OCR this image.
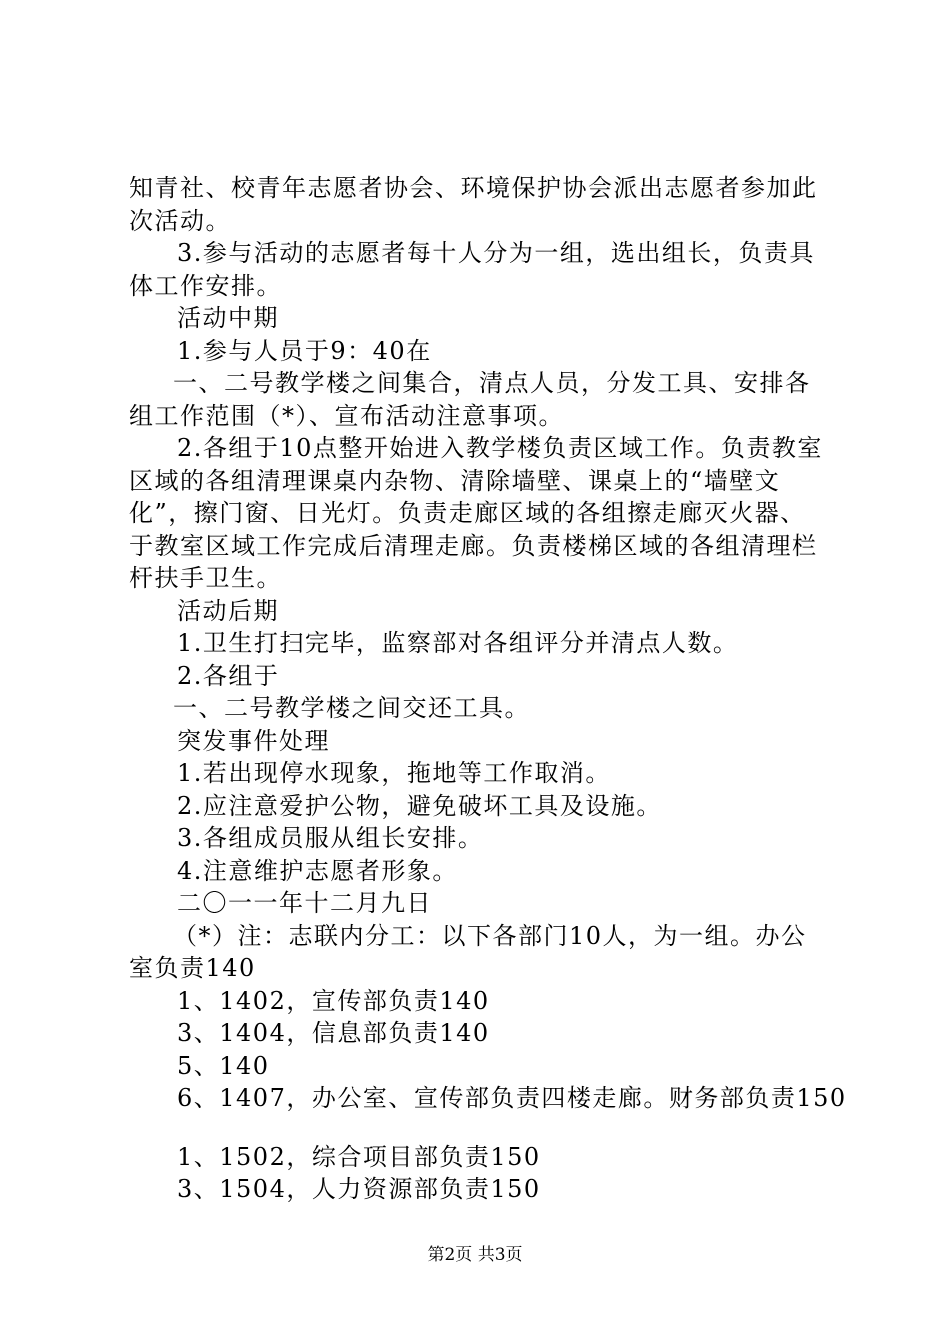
知青社、校青年志愿者协会、环境保护协会派出志愿者参加此
次活动。
3.参与活动的志愿者每十人分为一组，选出组长，负责具
体工作安排。
活动中期
1.参与人员于9：40在
一、二号教学楼之间集合，清点人员，分发工具、安排各
组工作范围（*）、宣布活动注意事项。
2.各组于10点整开始进入教学楼负责区域工作。负责教室
区域的各组清理课桌内杂物、清除墙壁、课桌上的“墙壁文
化”，擦门窗、日光灯。负责走廊区域的各组擦走廊灭火器、
于教室区域工作完成后清理走廊。负责楼梯区域的各组清理栏
杆扶手卫生。
活动后期
1.卫生打扫完毕，监察部对各组评分并清点人数。
2.各组于
一、二号教学楼之间交还工具。
突发事件处理
1.若出现停水现象，拖地等工作取消。
2.应注意爱护公物，避免破坏工具及设施。
3.各组成员服从组长安排。
4.注意维护志愿者形象。
二〇一一年十二月九日
（*）注：志联内分工：以下各部门10人，为一组。办公
室负责140
1、1402，宣传部负责140
3、1404，信息部负责140
5、140
6、1407，办公室、宣传部负责四楼走廊。财务部负责150
1、1502，综合项目部负责150
3、1504，人力资源部负责150
第2页 共3页
